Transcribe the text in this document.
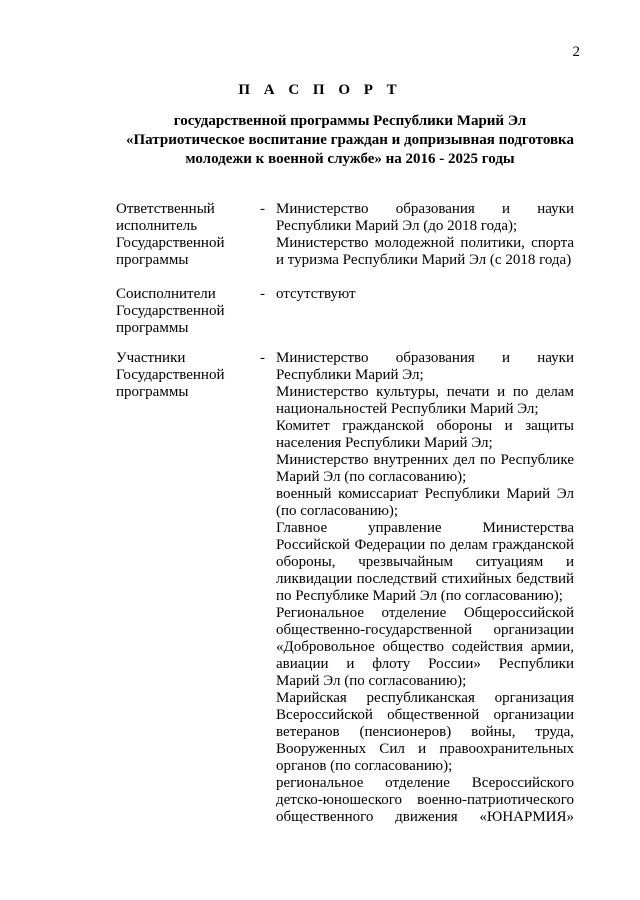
2
П А С П О Р Т
государственной программы Республики Марий Эл
«Патриотическое воспитание граждан и допризывная подготовка
молодежи к военной службе» на 2016 - 2025 годы
Ответственный
исполнитель
Государственной
программы
- Министерство образования и науки
Республики Марий Эл (до 2018 года);
Министерство молодежной политики, спорта
и туризма Республики Марий Эл (с 2018 года)
Соисполнители
Государственной
программы
- отсутствуют
Участники
Государственной
программы
- Министерство образования и науки
Республики Марий Эл;
Министерство культуры, печати и по делам
национальностей Республики Марий Эл;
Комитет гражданской обороны и защиты
населения Республики Марий Эл;
Министерство внутренних дел по Республике
Марий Эл (по согласованию);
военный комиссариат Республики Марий Эл
(по согласованию);
Главное управление Министерства
Российской Федерации по делам гражданской
обороны, чрезвычайным ситуациям и
ликвидации последствий стихийных бедствий
по Республике Марий Эл (по согласованию);
Региональное отделение Общероссийской
общественно-государственной организации
«Добровольное общество содействия армии,
авиации и флоту России» Республики
Марий Эл (по согласованию);
Марийская республиканская организация
Всероссийской общественной организации
ветеранов (пенсионеров) войны, труда,
Вооруженных Сил и правоохранительных
органов (по согласованию);
региональное отделение Всероссийского
детско-юношеского военно-патриотического
общественного движения «ЮНАРМИЯ»
